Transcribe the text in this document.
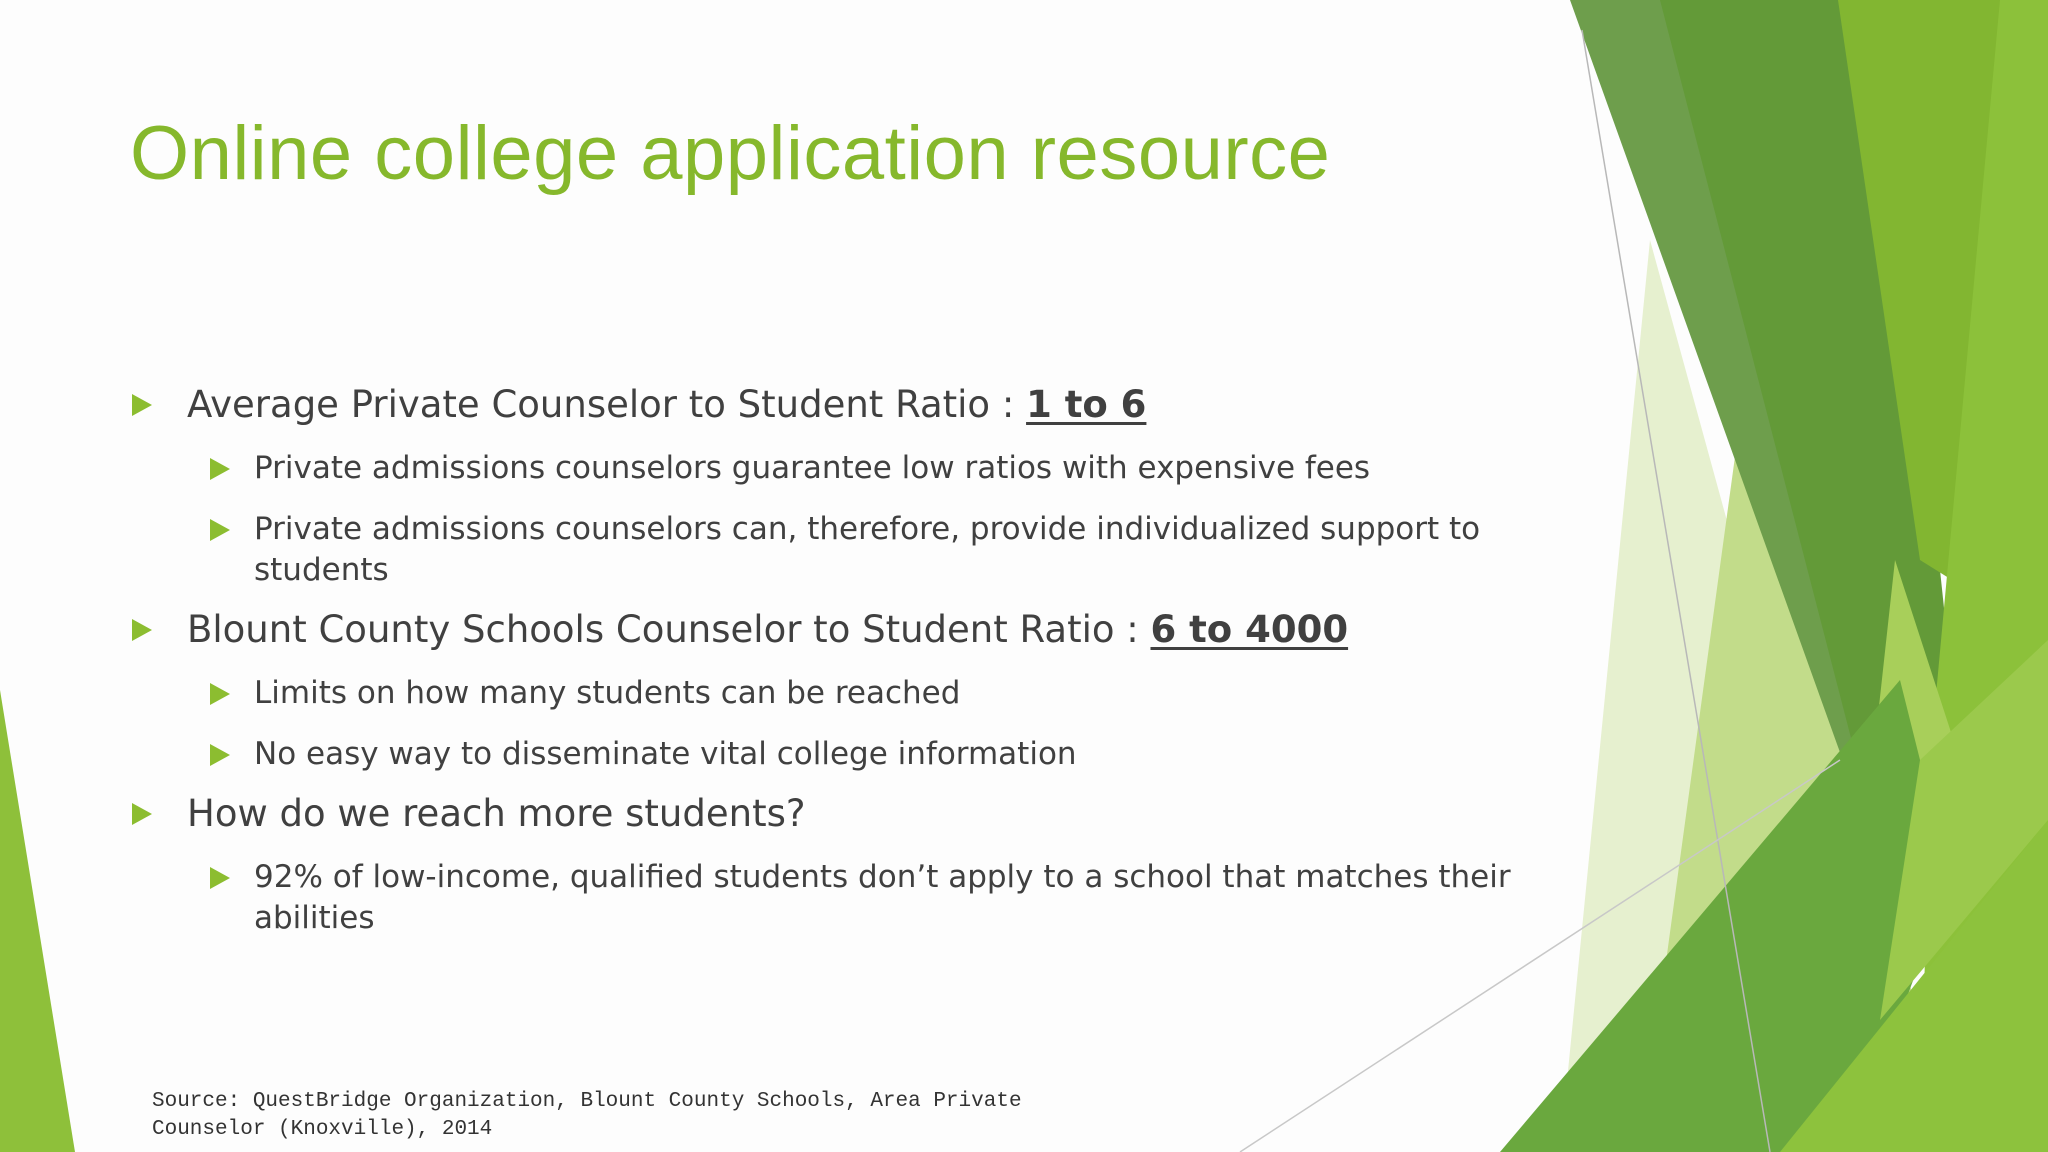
Online college application resource
Average Private Counselor to Student Ratio : 1 to 6
Private admissions counselors guarantee low ratios with expensive fees
Private admissions counselors can, therefore, provide individualized support to students
Blount County Schools Counselor to Student Ratio : 6 to 4000
Limits on how many students can be reached
No easy way to disseminate vital college information
How do we reach more students?
92% of low-income, qualified students don’t apply to a school that matches their abilities
Source: QuestBridge Organization, Blount County Schools, Area Private Counselor (Knoxville), 2014
